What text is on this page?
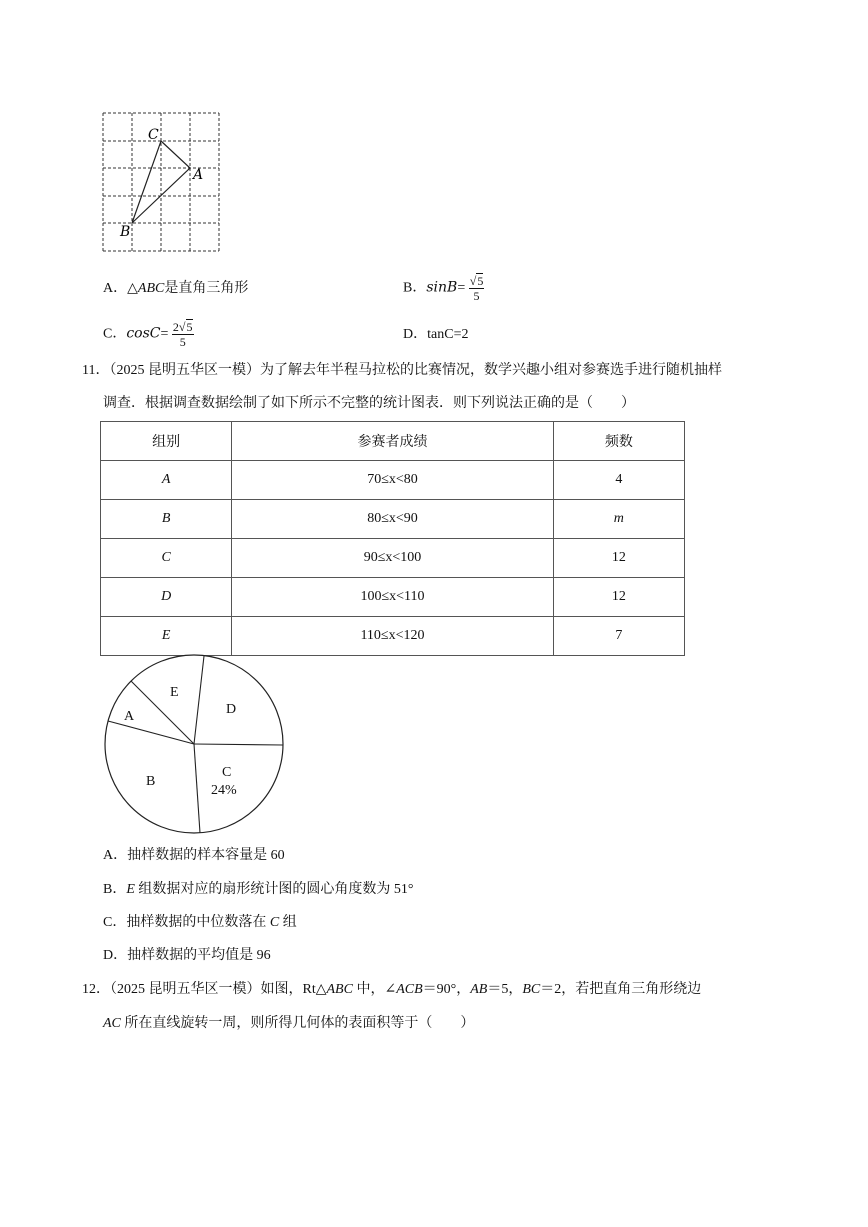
C
A
B
A．△ABC是直角三角形	B．$\sin B= \frac{√5}{5}$
C．$\cos C= \frac{2√5}{5}$	D．tanC=2
11．（2025 昆明五华区一模）为了解去年半程马拉松的比赛情况，数学兴趣小组对参赛选手进行随机抽样
调查．根据调查数据绘制了如下所示不完整的统计图表．则下列说法正确的是（　　）
组别	参赛者成绩	频数
A	70≤x<80	4
B	80≤x<90	m
C	90≤x<100	12
D	100≤x<110	12
E	110≤x<120	7
A
E
D
C
24%
B
A．抽样数据的样本容量是 60
B．E 组数据对应的扇形统计图的圆心角度数为 51°
C．抽样数据的中位数落在 C 组
D．抽样数据的平均值是 96
12．（2025 昆明五华区一模）如图，Rt△ABC 中，∠ACB＝90°，AB＝5，BC＝2，若把直角三角形绕边
AC 所在直线旋转一周，则所得几何体的表面积等于（　　）
